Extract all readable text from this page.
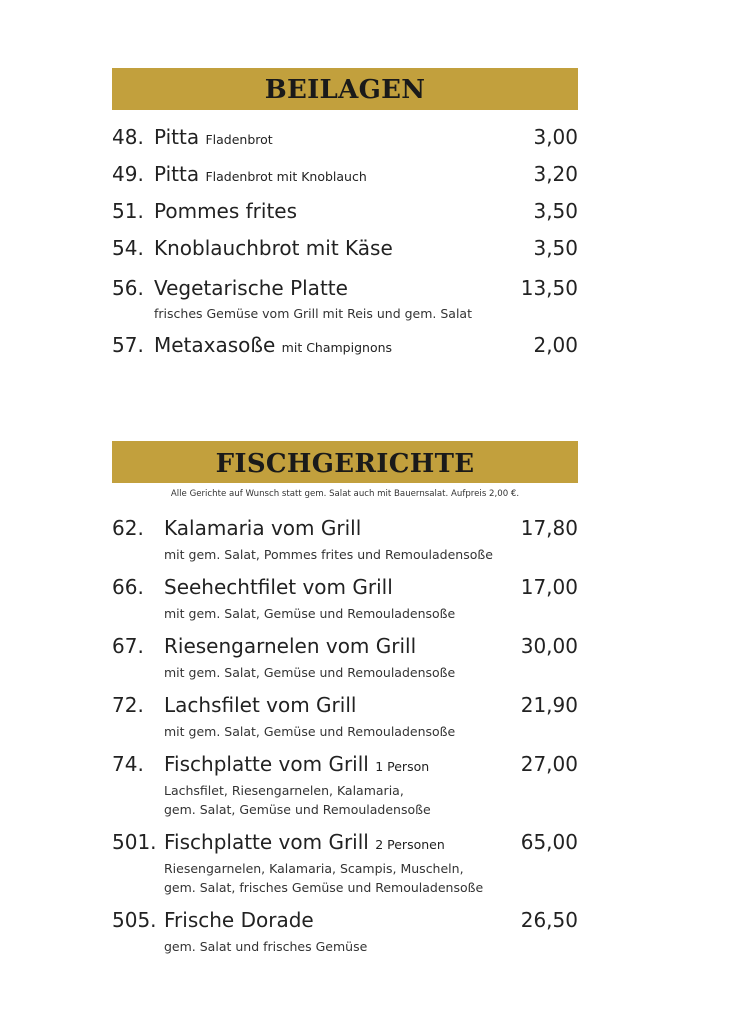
BEILAGEN
48. Pitta Fladenbrot	3,00
49. Pitta Fladenbrot mit Knoblauch	3,20
51. Pommes frites	3,50
54. Knoblauchbrot mit Käse	3,50
56. Vegetarische Platte	13,50
frisches Gemüse vom Grill mit Reis und gem. Salat
57. Metaxasoße mit Champignons	2,00
FISCHGERICHTE
Alle Gerichte auf Wunsch statt gem. Salat auch mit Bauernsalat. Aufpreis 2,00 €.
62. Kalamaria vom Grill	17,80
mit gem. Salat, Pommes frites und Remouladensoße
66. Seehechtfilet vom Grill	17,00
mit gem. Salat, Gemüse und Remouladensoße
67. Riesengarnelen vom Grill	30,00
mit gem. Salat, Gemüse und Remouladensoße
72. Lachsfilet vom Grill	21,90
mit gem. Salat, Gemüse und Remouladensoße
74. Fischplatte vom Grill 1 Person	27,00
Lachsfilet, Riesengarnelen, Kalamaria,
gem. Salat, Gemüse und Remouladensoße
501. Fischplatte vom Grill 2 Personen	65,00
Riesengarnelen, Kalamaria, Scampis, Muscheln,
gem. Salat, frisches Gemüse und Remouladensoße
505. Frische Dorade	26,50
gem. Salat und frisches Gemüse
